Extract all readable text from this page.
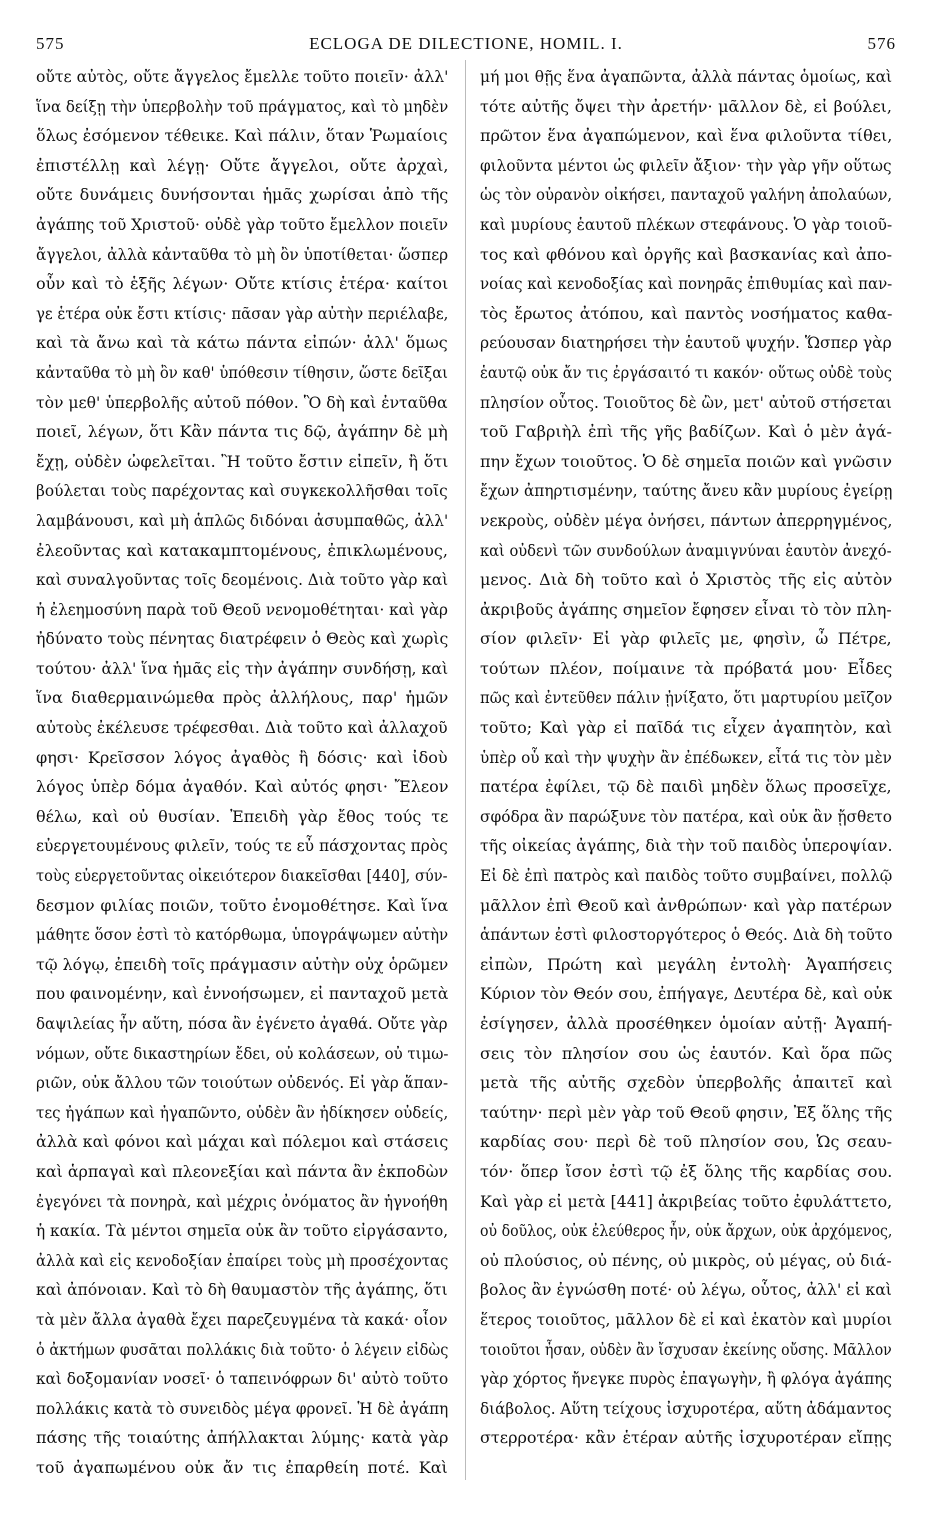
575	ECLOGA DE DILECTIONE, HOMIL. I.	576
οὔτε αὐτὸς, οὔτε ἄγγελος ἔμελλε τοῦτο ποιεῖν· ἀλλ'
ἵνα δείξῃ τὴν ὑπερβολὴν τοῦ πράγματος, καὶ τὸ μηδὲν
ὅλως ἐσόμενον τέθεικε. Καὶ πάλιν, ὅταν Ῥωμαίοις
ἐπιστέλλῃ καὶ λέγῃ· Οὔτε ἄγγελοι, οὔτε ἀρχαὶ,
οὔτε δυνάμεις δυνήσονται ἡμᾶς χωρίσαι ἀπὸ τῆς
ἀγάπης τοῦ Χριστοῦ· οὐδὲ γὰρ τοῦτο ἔμελλον ποιεῖν
ἄγγελοι, ἀλλὰ κἀνταῦθα τὸ μὴ ὂν ὑποτίθεται· ὥσπερ
οὖν καὶ τὸ ἑξῆς λέγων· Οὔτε κτίσις ἑτέρα· καίτοι
γε ἑτέρα οὐκ ἔστι κτίσις· πᾶσαν γὰρ αὐτὴν περιέλαβε,
καὶ τὰ ἄνω καὶ τὰ κάτω πάντα εἰπών· ἀλλ' ὅμως
κἀνταῦθα τὸ μὴ ὂν καθ' ὑπόθεσιν τίθησιν, ὥστε δεῖξαι
τὸν μεθ' ὑπερβολῆς αὐτοῦ πόθον. Ὃ δὴ καὶ ἐνταῦθα
ποιεῖ, λέγων, ὅτι Κἂν πάντα τις δῷ, ἀγάπην δὲ μὴ
ἔχῃ, οὐδὲν ὠφελεῖται. Ἢ τοῦτο ἔστιν εἰπεῖν, ἢ ὅτι
βούλεται τοὺς παρέχοντας καὶ συγκεκολλῆσθαι τοῖς
λαμβάνουσι, καὶ μὴ ἁπλῶς διδόναι ἀσυμπαθῶς, ἀλλ'
ἐλεοῦντας καὶ κατακαμπτομένους, ἐπικλωμένους,
καὶ συναλγοῦντας τοῖς δεομένοις. Διὰ τοῦτο γὰρ καὶ
ἡ ἐλεημοσύνη παρὰ τοῦ Θεοῦ νενομοθέτηται· καὶ γὰρ
ἠδύνατο τοὺς πένητας διατρέφειν ὁ Θεὸς καὶ χωρὶς
τούτου· ἀλλ' ἵνα ἡμᾶς εἰς τὴν ἀγάπην συνδήσῃ, καὶ
ἵνα διαθερμαινώμεθα πρὸς ἀλλήλους, παρ' ἡμῶν
αὐτοὺς ἐκέλευσε τρέφεσθαι. Διὰ τοῦτο καὶ ἀλλαχοῦ
φησι· Κρεῖσσον λόγος ἀγαθὸς ἢ δόσις· καὶ ἰδοὺ
λόγος ὑπὲρ δόμα ἀγαθόν. Καὶ αὐτός φησι· Ἔλεον
θέλω, καὶ οὐ θυσίαν. Ἐπειδὴ γὰρ ἔθος τούς τε
εὐεργετουμένους φιλεῖν, τούς τε εὖ πάσχοντας πρὸς
τοὺς εὐεργετοῦντας οἰκειότερον διακεῖσθαι [440], σύν-
δεσμον φιλίας ποιῶν, τοῦτο ἐνομοθέτησε. Καὶ ἵνα
μάθητε ὅσον ἐστὶ τὸ κατόρθωμα, ὑπογράψωμεν αὐτὴν
τῷ λόγῳ, ἐπειδὴ τοῖς πράγμασιν αὐτὴν οὐχ ὁρῶμεν
που φαινομένην, καὶ ἐννοήσωμεν, εἰ πανταχοῦ μετὰ
δαψιλείας ἦν αὕτη, πόσα ἂν ἐγένετο ἀγαθά. Οὔτε γὰρ
νόμων, οὔτε δικαστηρίων ἔδει, οὐ κολάσεων, οὐ τιμω-
ριῶν, οὐκ ἄλλου τῶν τοιούτων οὐδενός. Εἰ γὰρ ἅπαν-
τες ἠγάπων καὶ ἠγαπῶντο, οὐδὲν ἂν ἠδίκησεν οὐδείς,
ἀλλὰ καὶ φόνοι καὶ μάχαι καὶ πόλεμοι καὶ στάσεις
καὶ ἁρπαγαὶ καὶ πλεονεξίαι καὶ πάντα ἂν ἐκποδὼν
ἐγεγόνει τὰ πονηρὰ, καὶ μέχρις ὀνόματος ἂν ἠγνοήθη
ἡ κακία. Τὰ μέντοι σημεῖα οὐκ ἂν τοῦτο εἰργάσαντο,
ἀλλὰ καὶ εἰς κενοδοξίαν ἐπαίρει τοὺς μὴ προσέχοντας
καὶ ἀπόνοιαν. Καὶ τὸ δὴ θαυμαστὸν τῆς ἀγάπης, ὅτι
τὰ μὲν ἄλλα ἀγαθὰ ἔχει παρεζευγμένα τὰ κακά· οἷον
ὁ ἀκτήμων φυσᾶται πολλάκις διὰ τοῦτο· ὁ λέγειν εἰδὼς
καὶ δοξομανίαν νοσεῖ· ὁ ταπεινόφρων δι' αὐτὸ τοῦτο
πολλάκις κατὰ τὸ συνειδὸς μέγα φρονεῖ. Ἡ δὲ ἀγάπη
πάσης τῆς τοιαύτης ἀπήλλακται λύμης· κατὰ γὰρ
τοῦ ἀγαπωμένου οὐκ ἄν τις ἐπαρθείη ποτέ. Καὶ
μή μοι θῇς ἕνα ἀγαπῶντα, ἀλλὰ πάντας ὁμοίως, καὶ
τότε αὐτῆς ὄψει τὴν ἀρετήν· μᾶλλον δὲ, εἰ βούλει,
πρῶτον ἕνα ἀγαπώμενον, καὶ ἕνα φιλοῦντα τίθει,
φιλοῦντα μέντοι ὡς φιλεῖν ἄξιον· τὴν γὰρ γῆν οὕτως
ὡς τὸν οὐρανὸν οἰκήσει, πανταχοῦ γαλήνη ἀπολαύων,
καὶ μυρίους ἑαυτοῦ πλέκων στεφάνους. Ὁ γὰρ τοιοῦ-
τος καὶ φθόνου καὶ ὀργῆς καὶ βασκανίας καὶ ἀπο-
νοίας καὶ κενοδοξίας καὶ πονηρᾶς ἐπιθυμίας καὶ παν-
τὸς ἔρωτος ἀτόπου, καὶ παντὸς νοσήματος καθα-
ρεύουσαν διατηρήσει τὴν ἑαυτοῦ ψυχήν. Ὥσπερ γὰρ
ἑαυτῷ οὐκ ἄν τις ἐργάσαιτό τι κακόν· οὕτως οὐδὲ τοὺς
πλησίον οὗτος. Τοιοῦτος δὲ ὢν, μετ' αὐτοῦ στήσεται
τοῦ Γαβριὴλ ἐπὶ τῆς γῆς βαδίζων. Καὶ ὁ μὲν ἀγά-
πην ἔχων τοιοῦτος. Ὁ δὲ σημεῖα ποιῶν καὶ γνῶσιν
ἔχων ἀπηρτισμένην, ταύτης ἄνευ κἂν μυρίους ἐγείρῃ
νεκροὺς, οὐδὲν μέγα ὀνήσει, πάντων ἀπερρηγμένος,
καὶ οὐδενὶ τῶν συνδούλων ἀναμιγνύναι ἑαυτὸν ἀνεχό-
μενος. Διὰ δὴ τοῦτο καὶ ὁ Χριστὸς τῆς εἰς αὐτὸν
ἀκριβοῦς ἀγάπης σημεῖον ἔφησεν εἶναι τὸ τὸν πλη-
σίον φιλεῖν· Εἰ γὰρ φιλεῖς με, φησὶν, ὦ Πέτρε,
τούτων πλέον, ποίμαινε τὰ πρόβατά μου· Εἶδες
πῶς καὶ ἐντεῦθεν πάλιν ᾐνίξατο, ὅτι μαρτυρίου μεῖζον
τοῦτο; Καὶ γὰρ εἰ παῖδά τις εἶχεν ἀγαπητὸν, καὶ
ὑπὲρ οὗ καὶ τὴν ψυχὴν ἂν ἐπέδωκεν, εἶτά τις τὸν μὲν
πατέρα ἐφίλει, τῷ δὲ παιδὶ μηδὲν ὅλως προσεῖχε,
σφόδρα ἂν παρώξυνε τὸν πατέρα, καὶ οὐκ ἂν ᾔσθετο
τῆς οἰκείας ἀγάπης, διὰ τὴν τοῦ παιδὸς ὑπεροψίαν.
Εἰ δὲ ἐπὶ πατρὸς καὶ παιδὸς τοῦτο συμβαίνει, πολλῷ
μᾶλλον ἐπὶ Θεοῦ καὶ ἀνθρώπων· καὶ γὰρ πατέρων
ἁπάντων ἐστὶ φιλοστοργότερος ὁ Θεός. Διὰ δὴ τοῦτο
εἰπὼν, Πρώτη καὶ μεγάλη ἐντολὴ· Ἀγαπήσεις
Κύριον τὸν Θεόν σου, ἐπήγαγε, Δευτέρα δὲ, καὶ οὐκ
ἐσίγησεν, ἀλλὰ προσέθηκεν ὁμοίαν αὐτῇ· Ἀγαπή-
σεις τὸν πλησίον σου ὡς ἑαυτόν. Καὶ ὅρα πῶς
μετὰ τῆς αὐτῆς σχεδὸν ὑπερβολῆς ἀπαιτεῖ καὶ
ταύτην· περὶ μὲν γὰρ τοῦ Θεοῦ φησιν, Ἐξ ὅλης τῆς
καρδίας σου· περὶ δὲ τοῦ πλησίον σου, Ὡς σεαυ-
τόν· ὅπερ ἴσον ἐστὶ τῷ ἐξ ὅλης τῆς καρδίας σου.
Καὶ γὰρ εἰ μετὰ [441] ἀκριβείας τοῦτο ἐφυλάττετο,
οὐ δοῦλος, οὐκ ἐλεύθερος ἦν, οὐκ ἄρχων, οὐκ ἀρχόμενος,
οὐ πλούσιος, οὐ πένης, οὐ μικρὸς, οὐ μέγας, οὐ διά-
βολος ἂν ἐγνώσθη ποτέ· οὐ λέγω, οὗτος, ἀλλ' εἰ καὶ
ἕτερος τοιοῦτος, μᾶλλον δὲ εἰ καὶ ἑκατὸν καὶ μυρίοι
τοιοῦτοι ἦσαν, οὐδὲν ἂν ἴσχυσαν ἐκείνης οὔσης. Μᾶλλον
γὰρ χόρτος ἤνεγκε πυρὸς ἐπαγωγὴν, ἢ φλόγα ἀγάπης
διάβολος. Αὕτη τείχους ἰσχυροτέρα, αὕτη ἀδάμαντος
στερροτέρα· κἂν ἑτέραν αὐτῆς ἰσχυροτέραν εἴπῃς
